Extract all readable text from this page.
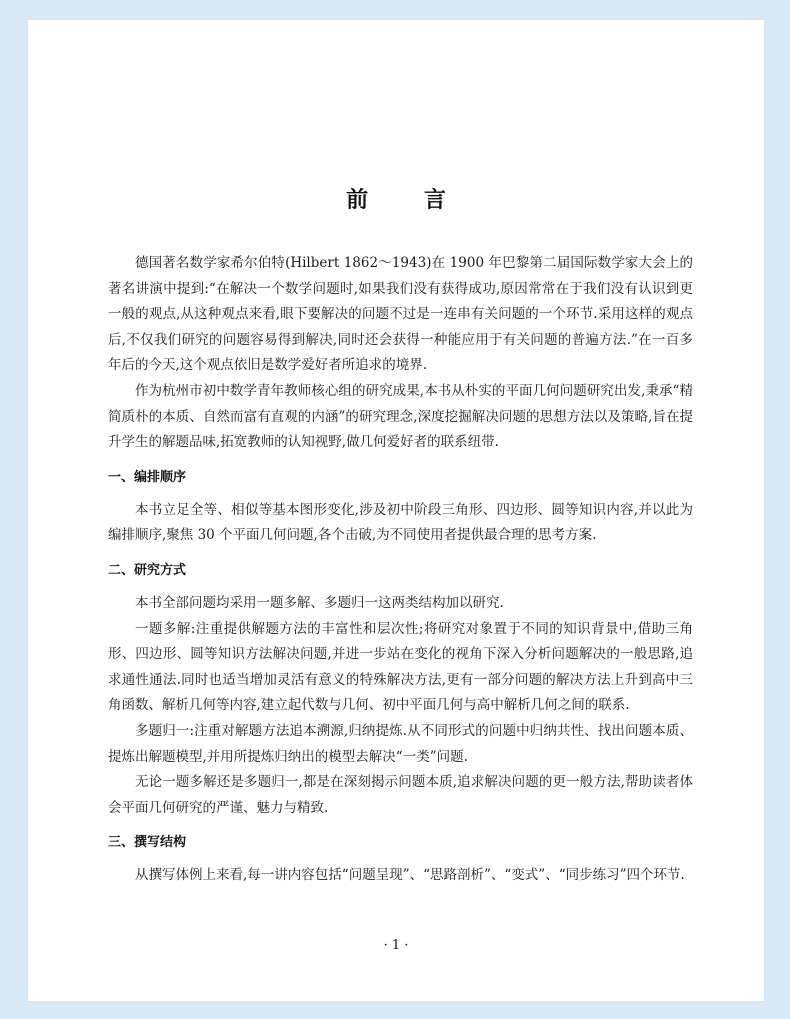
前 言

德国著名数学家希尔伯特(Hilbert 1862～1943)在 1900 年巴黎第二届国际数学家大会上的著名讲演中提到:“在解决一个数学问题时,如果我们没有获得成功,原因常常在于我们没有认识到更一般的观点,从这种观点来看,眼下要解决的问题不过是一连串有关问题的一个环节.采用这样的观点后,不仅我们研究的问题容易得到解决,同时还会获得一种能应用于有关问题的普遍方法.”在一百多年后的今天,这个观点依旧是数学爱好者所追求的境界.

作为杭州市初中数学青年教师核心组的研究成果,本书从朴实的平面几何问题研究出发,秉承“精简质朴的本质、自然而富有直观的内涵”的研究理念,深度挖掘解决问题的思想方法以及策略,旨在提升学生的解题品味,拓宽教师的认知视野,做几何爱好者的联系纽带.

一、编排顺序

本书立足全等、相似等基本图形变化,涉及初中阶段三角形、四边形、圆等知识内容,并以此为编排顺序,聚焦 30 个平面几何问题,各个击破,为不同使用者提供最合理的思考方案.

二、研究方式

本书全部问题均采用一题多解、多题归一这两类结构加以研究.

一题多解:注重提供解题方法的丰富性和层次性;将研究对象置于不同的知识背景中,借助三角形、四边形、圆等知识方法解决问题,并进一步站在变化的视角下深入分析问题解决的一般思路,追求通性通法.同时也适当增加灵活有意义的特殊解决方法,更有一部分问题的解决方法上升到高中三角函数、解析几何等内容,建立起代数与几何、初中平面几何与高中解析几何之间的联系.

多题归一:注重对解题方法追本溯源,归纳提炼.从不同形式的问题中归纳共性、找出问题本质、提炼出解题模型,并用所提炼归纳出的模型去解决“一类”问题.

无论一题多解还是多题归一,都是在深刻揭示问题本质,追求解决问题的更一般方法,帮助读者体会平面几何研究的严谨、魅力与精致.

三、撰写结构

从撰写体例上来看,每一讲内容包括“问题呈现”、“思路剖析”、“变式”、“同步练习”四个环节.

· 1 ·
